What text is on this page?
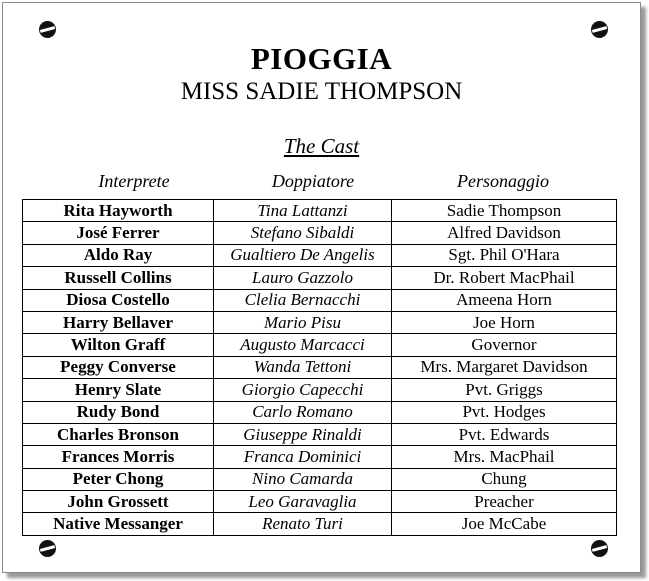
PIOGGIA
MISS SADIE THOMPSON
The Cast
Interprete	Doppiatore	Personaggio
Rita Hayworth	Tina Lattanzi	Sadie Thompson
José Ferrer	Stefano Sibaldi	Alfred Davidson
Aldo Ray	Gualtiero De Angelis	Sgt. Phil O'Hara
Russell Collins	Lauro Gazzolo	Dr. Robert MacPhail
Diosa Costello	Clelia Bernacchi	Ameena Horn
Harry Bellaver	Mario Pisu	Joe Horn
Wilton Graff	Augusto Marcacci	Governor
Peggy Converse	Wanda Tettoni	Mrs. Margaret Davidson
Henry Slate	Giorgio Capecchi	Pvt. Griggs
Rudy Bond	Carlo Romano	Pvt. Hodges
Charles Bronson	Giuseppe Rinaldi	Pvt. Edwards
Frances Morris	Franca Dominici	Mrs. MacPhail
Peter Chong	Nino Camarda	Chung
John Grossett	Leo Garavaglia	Preacher
Native Messanger	Renato Turi	Joe McCabe
